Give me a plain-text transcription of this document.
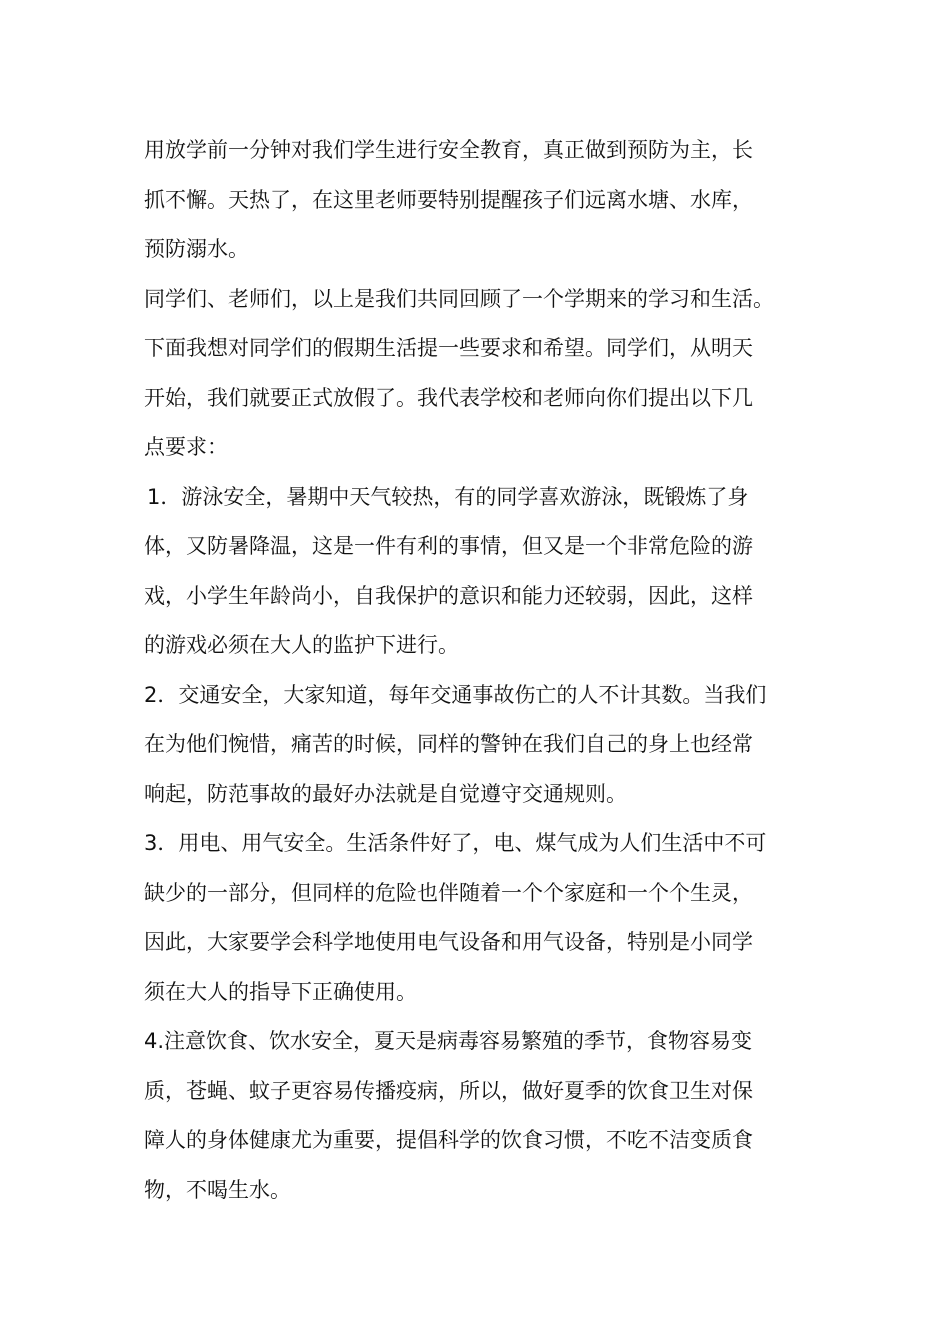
用放学前一分钟对我们学生进行安全教育，真正做到预防为主，长
抓不懈。天热了，在这里老师要特别提醒孩子们远离水塘、水库，
预防溺水。

同学们、老师们，以上是我们共同回顾了一个学期来的学习和生活。
下面我想对同学们的假期生活提一些要求和希望。同学们，从明天
开始，我们就要正式放假了。我代表学校和老师向你们提出以下几
点要求：

1．游泳安全，暑期中天气较热，有的同学喜欢游泳，既锻炼了身
体，又防暑降温，这是一件有利的事情，但又是一个非常危险的游
戏，小学生年龄尚小，自我保护的意识和能力还较弱，因此，这样
的游戏必须在大人的监护下进行。

2．交通安全，大家知道，每年交通事故伤亡的人不计其数。当我们
在为他们惋惜，痛苦的时候，同样的警钟在我们自己的身上也经常
响起，防范事故的最好办法就是自觉遵守交通规则。

3．用电、用气安全。生活条件好了，电、煤气成为人们生活中不可
缺少的一部分，但同样的危险也伴随着一个个家庭和一个个生灵，
因此，大家要学会科学地使用电气设备和用气设备，特别是小同学
须在大人的指导下正确使用。

4.注意饮食、饮水安全，夏天是病毒容易繁殖的季节，食物容易变
质，苍蝇、蚊子更容易传播疫病，所以，做好夏季的饮食卫生对保
障人的身体健康尤为重要，提倡科学的饮食习惯，不吃不洁变质食
物，不喝生水。
